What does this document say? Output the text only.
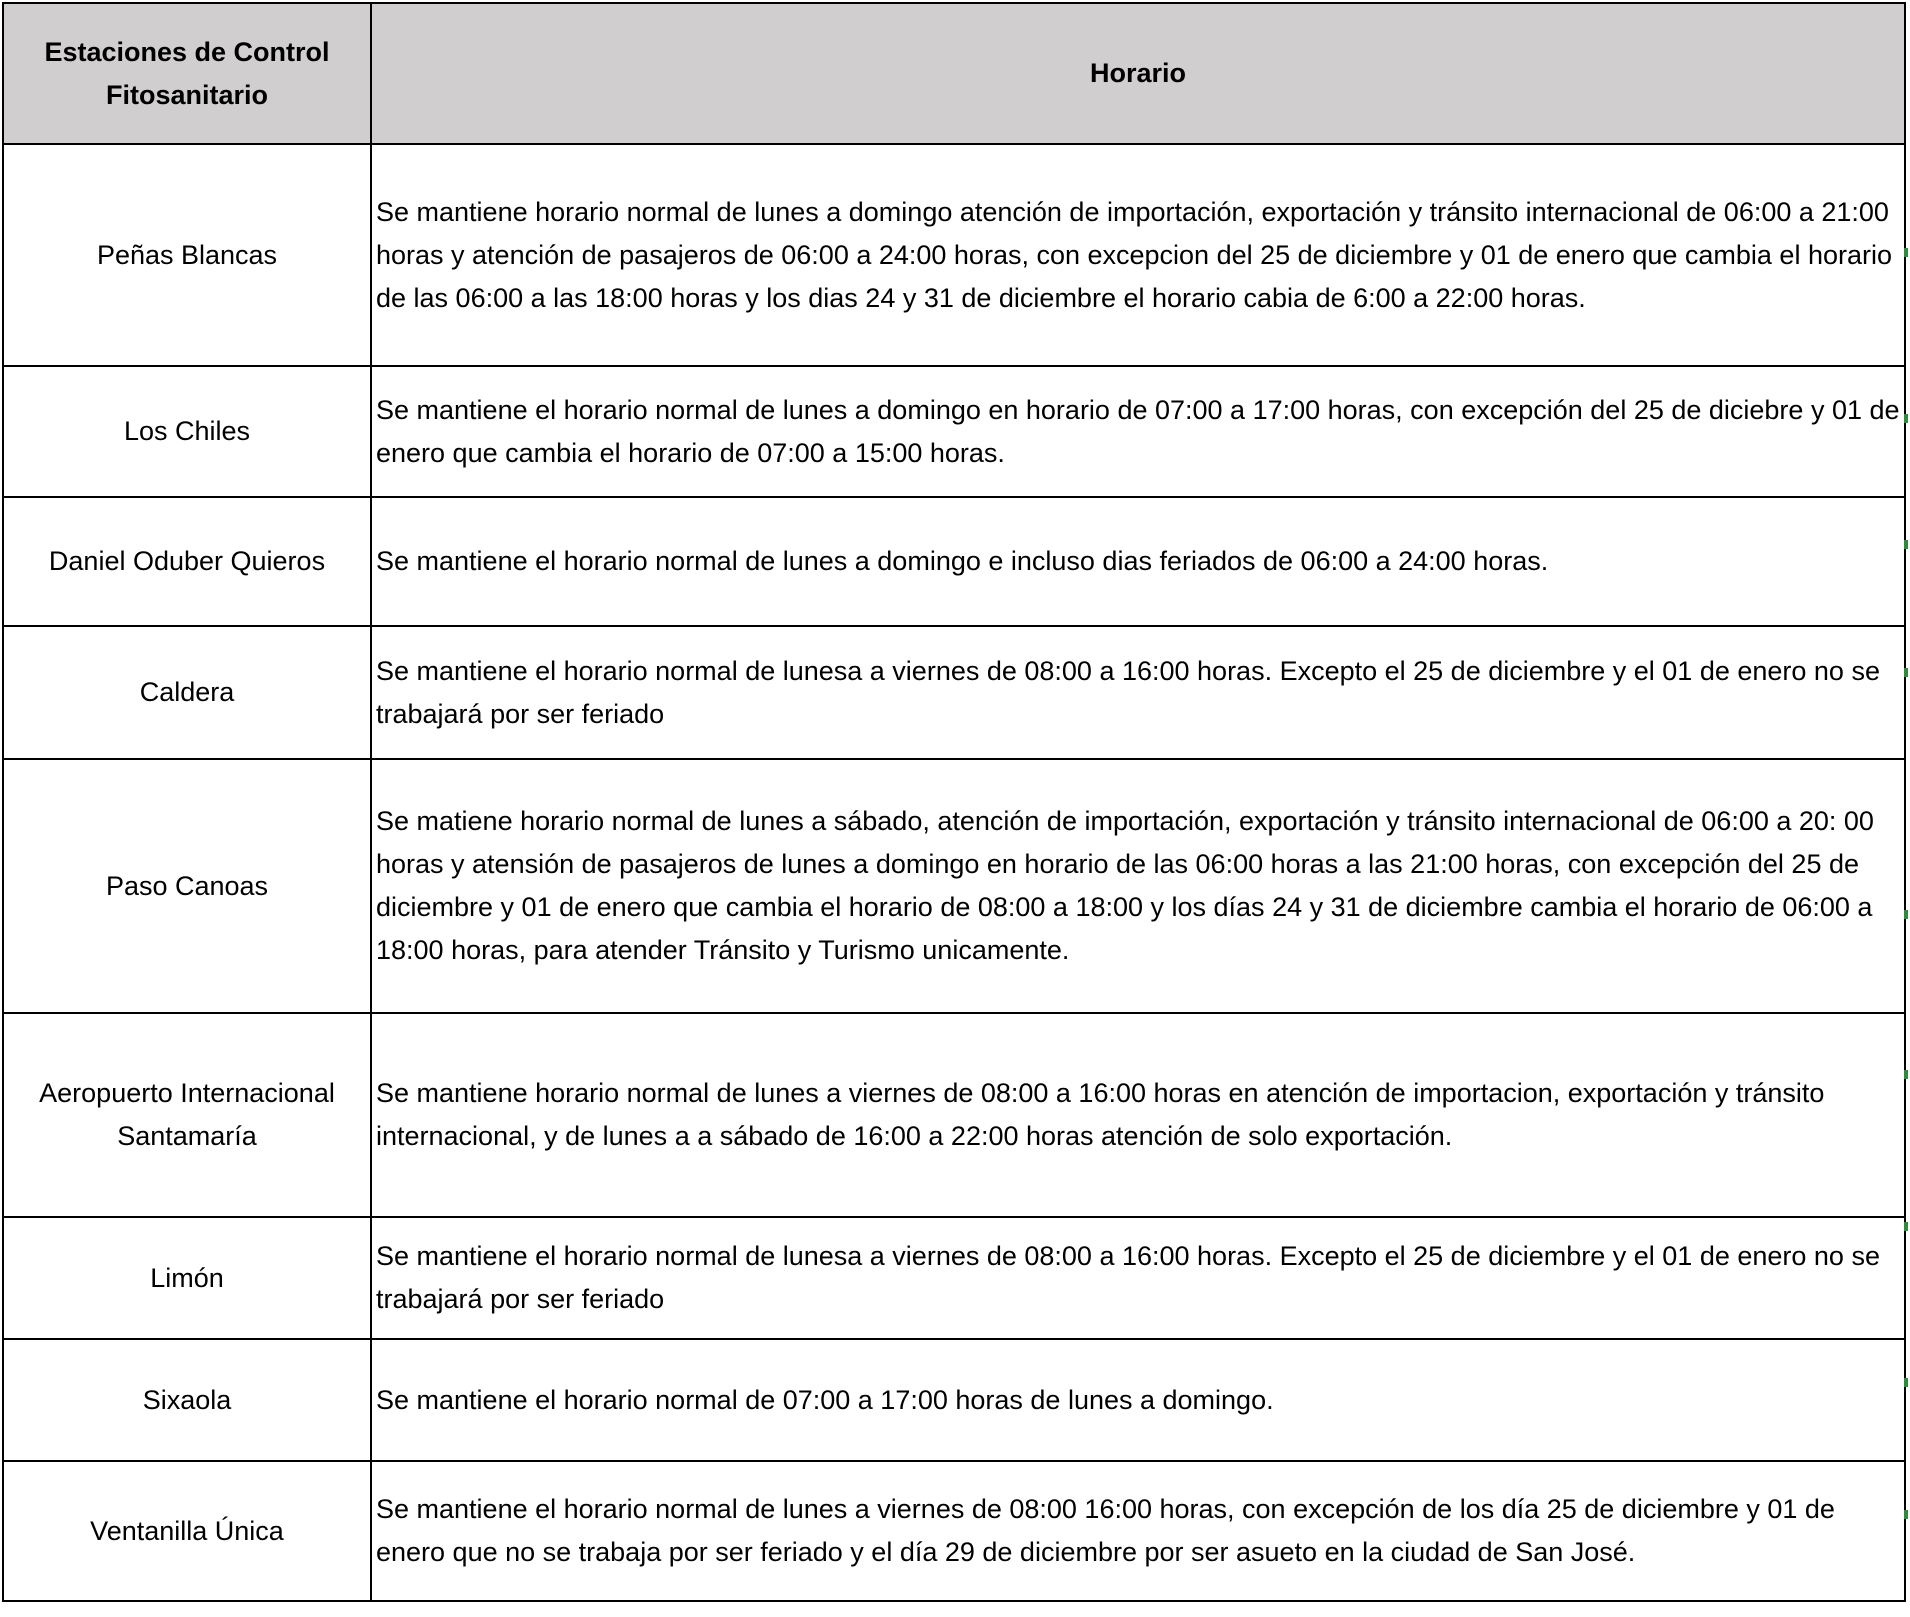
Estaciones de Control Fitosanitario	Horario
Peñas Blancas	Se mantiene horario normal de lunes a domingo atención de importación, exportación y tránsito internacional de 06:00 a 21:00 horas y atención de pasajeros de 06:00 a 24:00 horas, con excepcion del 25 de diciembre y 01 de enero que cambia el horario de las 06:00 a las 18:00 horas y los dias 24 y 31 de diciembre el horario cabia de 6:00 a 22:00 horas.
Los Chiles	Se mantiene el horario normal de lunes a domingo en horario de 07:00 a 17:00 horas, con excepción del 25 de diciebre y 01 de enero que cambia el horario de 07:00 a 15:00 horas.
Daniel Oduber Quieros	Se mantiene el horario normal de lunes a domingo e incluso dias feriados de 06:00 a 24:00 horas.
Caldera	Se mantiene el horario normal de lunesa a viernes de 08:00 a 16:00 horas. Excepto el 25 de diciembre y el 01 de enero no se trabajará por ser feriado
Paso Canoas	Se matiene horario normal de lunes a sábado, atención de importación, exportación y tránsito internacional de 06:00 a 20: 00 horas y atensión de pasajeros de lunes a domingo en horario de las 06:00 horas a las 21:00 horas, con excepción del 25 de diciembre y 01 de enero que cambia el horario de 08:00 a 18:00 y los días 24 y 31 de diciembre cambia el horario de 06:00 a 18:00 horas, para atender Tránsito y Turismo unicamente.
Aeropuerto Internacional Santamaría	Se mantiene horario normal de lunes a viernes de 08:00 a 16:00 horas en atención de importacion, exportación y tránsito internacional, y de lunes a a sábado de 16:00 a 22:00 horas atención de solo exportación.
Limón	Se mantiene el horario normal de lunesa a viernes de 08:00 a 16:00 horas. Excepto el 25 de diciembre y el 01 de enero no se trabajará por ser feriado
Sixaola	Se mantiene el horario normal de 07:00 a 17:00 horas de lunes a domingo.
Ventanilla Única	Se mantiene el horario normal de lunes a viernes de 08:00 16:00 horas, con excepción de los día 25 de diciembre y 01 de enero que no se trabaja por ser feriado y el día 29 de diciembre por ser asueto en la ciudad de San José.
